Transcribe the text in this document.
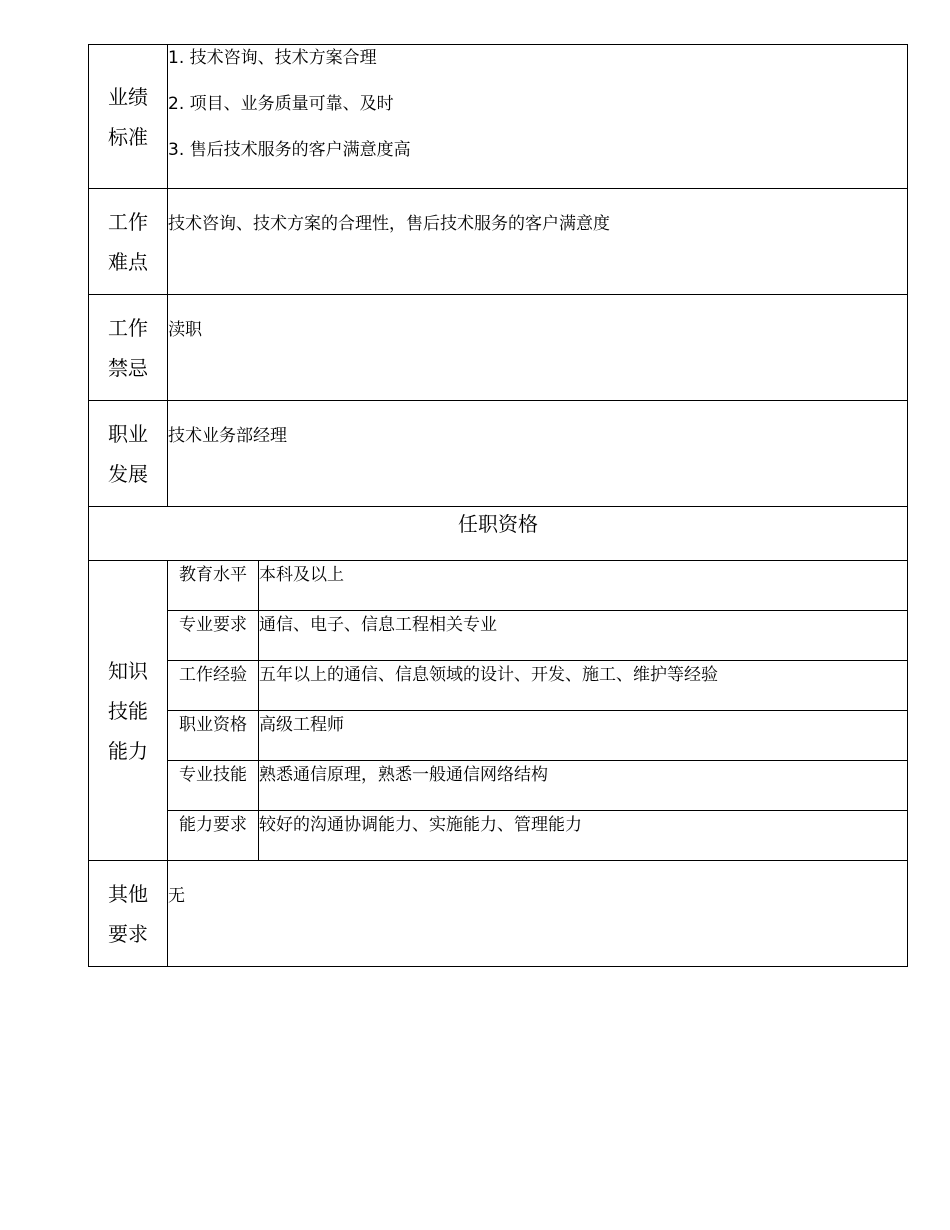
业绩
标准	1. 技术咨询、技术方案合理
2. 项目、业务质量可靠、及时
3. 售后技术服务的客户满意度高	

工作
难点	技术咨询、技术方案的合理性，售后技术服务的客户满意度	

工作
禁忌	渎职	

职业
发展	技术业务部经理	
任职资格		

知识
技能
能力	教育水平	本科及以上
	专业要求	通信、电子、信息工程相关专业
	工作经验	五年以上的通信、信息领域的设计、开发、施工、维护等经验
	职业资格	高级工程师
	专业技能	熟悉通信原理，熟悉一般通信网络结构
	能力要求	较好的沟通协调能力、实施能力、管理能力

其他
要求	无	
